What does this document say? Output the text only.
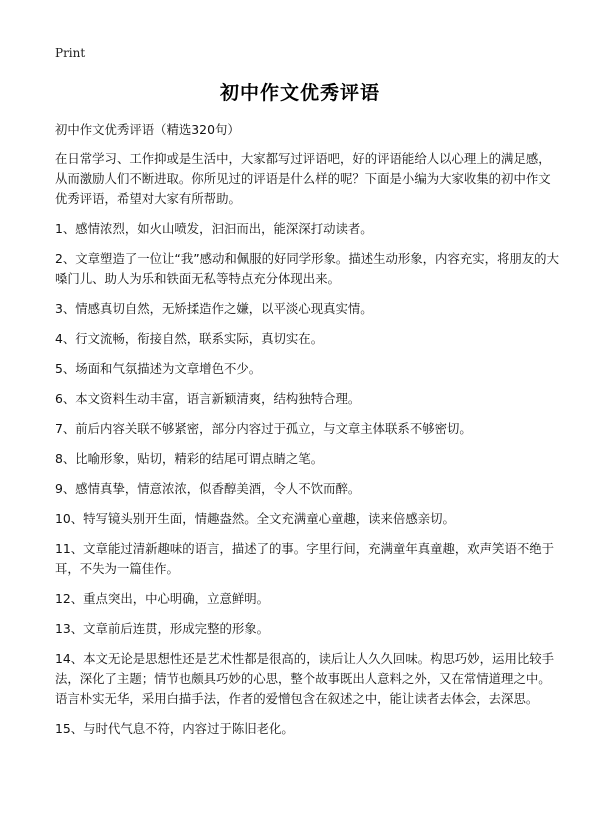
Print
初中作文优秀评语

初中作文优秀评语（精选320句）

在日常学习、工作抑或是生活中，大家都写过评语吧，好的评语能给人以心理上的满足感，从而激励人们不断进取。你所见过的评语是什么样的呢？下面是小编为大家收集的初中作文优秀评语，希望对大家有所帮助。

1、感情浓烈，如火山喷发，汩汩而出，能深深打动读者。

2、文章塑造了一位让“我”感动和佩服的好同学形象。描述生动形象，内容充实，将朋友的大嗓门儿、助人为乐和铁面无私等特点充分体现出来。

3、情感真切自然，无矫揉造作之嫌，以平淡心现真实情。

4、行文流畅，衔接自然，联系实际，真切实在。

5、场面和气氛描述为文章增色不少。

6、本文资料生动丰富，语言新颖清爽，结构独特合理。

7、前后内容关联不够紧密，部分内容过于孤立，与文章主体联系不够密切。

8、比喻形象，贴切，精彩的结尾可谓点睛之笔。

9、感情真挚，情意浓浓，似香醇美酒，令人不饮而醉。

10、特写镜头别开生面，情趣盎然。全文充满童心童趣，读来倍感亲切。

11、文章能过清新趣味的语言，描述了的事。字里行间，充满童年真童趣，欢声笑语不绝于耳，不失为一篇佳作。

12、重点突出，中心明确，立意鲜明。

13、文章前后连贯，形成完整的形象。

14、本文无论是思想性还是艺术性都是很高的，读后让人久久回味。构思巧妙，运用比较手法，深化了主题；情节也颇具巧妙的心思，整个故事既出人意料之外，又在常情道理之中。语言朴实无华，采用白描手法，作者的爱憎包含在叙述之中，能让读者去体会，去深思。

15、与时代气息不符，内容过于陈旧老化。
